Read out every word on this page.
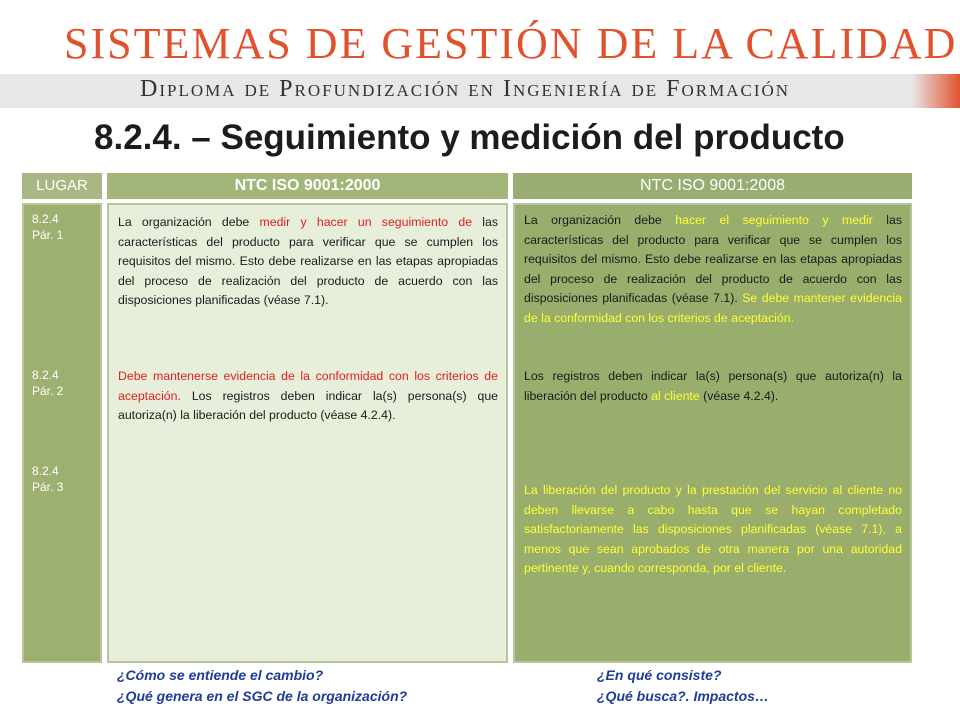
SISTEMAS DE GESTIÓN DE LA CALIDAD
Diploma de Profundización en Ingeniería de Formación
8.2.4. – Seguimiento y medición del producto
LUGAR	NTC ISO 9001:2000	NTC ISO 9001:2008
8.2.4
Pár. 1
8.2.4
Pár. 2
8.2.4
Pár. 3

La organización debe medir y hacer un seguimiento de las características del producto para verificar que se cumplen los requisitos del mismo. Esto debe realizarse en las etapas apropiadas del proceso de realización del producto de acuerdo con las disposiciones planificadas (véase 7.1).

Debe mantenerse evidencia de la conformidad con los criterios de aceptación. Los registros deben indicar la(s) persona(s) que autoriza(n) la liberación del producto (véase 4.2.4).

La organización debe hacer el seguimiento y medir las características del producto para verificar que se cumplen los requisitos del mismo. Esto debe realizarse en las etapas apropiadas del proceso de realización del producto de acuerdo con las disposiciones planificadas (véase 7.1). Se debe mantener evidencia de la conformidad con los criterios de aceptación.

Los registros deben indicar la(s) persona(s) que autoriza(n) la liberación del producto al cliente (véase 4.2.4).

La liberación del producto y la prestación del servicio al cliente no deben llevarse a cabo hasta que se hayan completado satisfactoriamente las disposiciones planificadas (véase 7.1), a menos que sean aprobados de otra manera por una autoridad pertinente y, cuando corresponda, por el cliente.

¿Cómo se entiende el cambio?
¿Qué genera en el SGC de la organización?
¿En qué consiste?
¿Qué busca?. Impactos…
